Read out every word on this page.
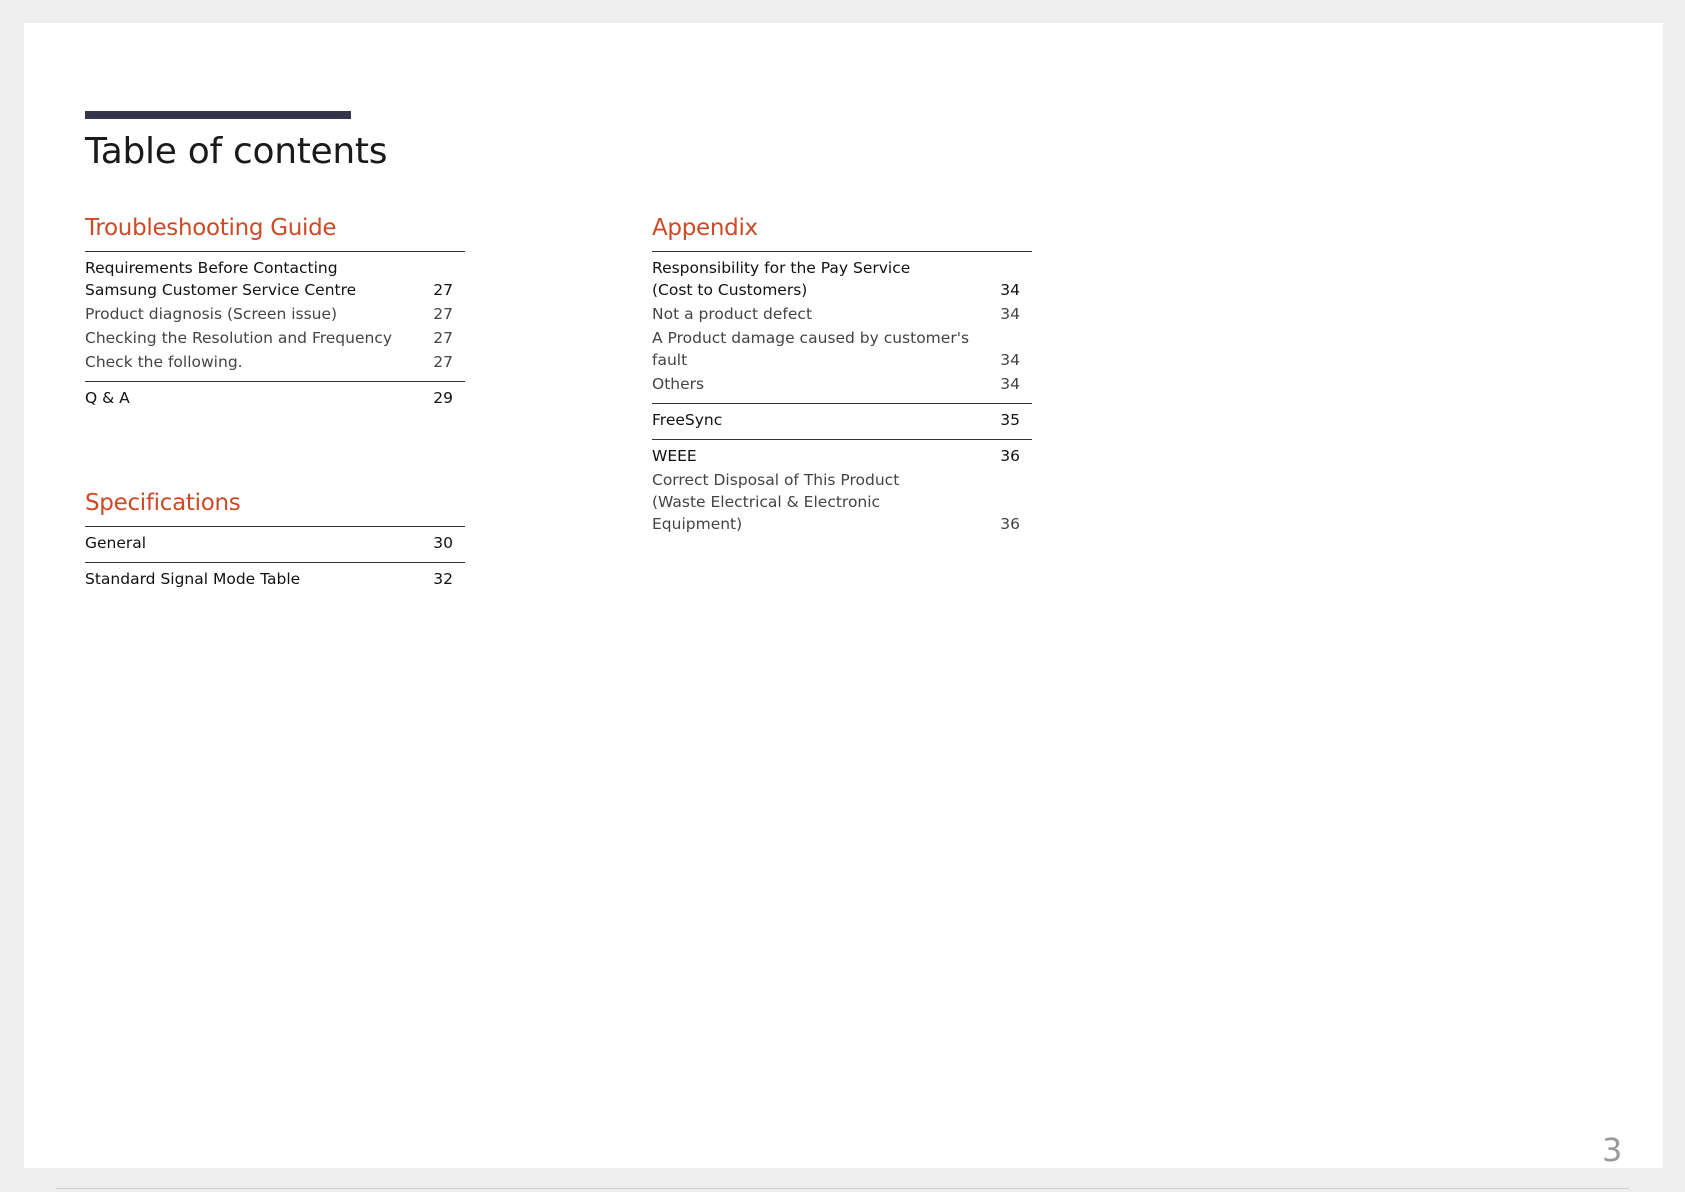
Table of contents
Troubleshooting Guide
Requirements Before Contacting Samsung Customer Service Centre	27
Product diagnosis (Screen issue)	27
Checking the Resolution and Frequency	27
Check the following.	27
Q & A	29
Specifications
General	30
Standard Signal Mode Table	32
Appendix
Responsibility for the Pay Service (Cost to Customers)	34
Not a product defect	34
A Product damage caused by customer's fault	34
Others	34
FreeSync	35
WEEE	36
Correct Disposal of This Product (Waste Electrical & Electronic Equipment)	36
3
